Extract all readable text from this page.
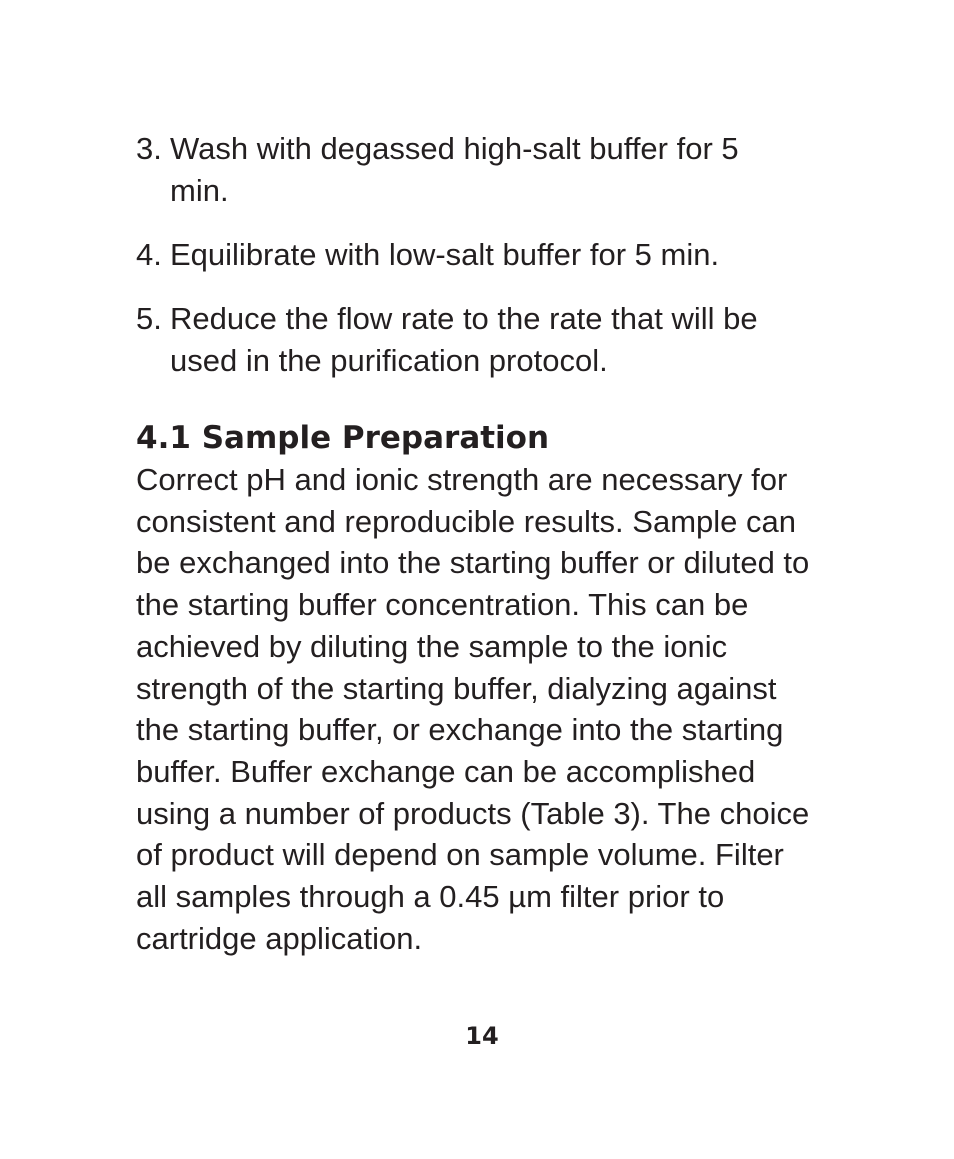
3. Wash with degassed high-salt buffer for 5 min.
4. Equilibrate with low-salt buffer for 5 min.
5. Reduce the flow rate to the rate that will be used in the purification protocol.
4.1 Sample Preparation

Correct pH and ionic strength are necessary for consistent and reproducible results. Sample can be exchanged into the starting buffer or diluted to the starting buffer concentration. This can be achieved by diluting the sample to the ionic strength of the starting buffer, dialyzing against the starting buffer, or exchange into the starting buffer. Buffer exchange can be accomplished using a number of products (Table 3). The choice of product will depend on sample volume. Filter all samples through a 0.45 µm filter prior to cartridge application.

14
